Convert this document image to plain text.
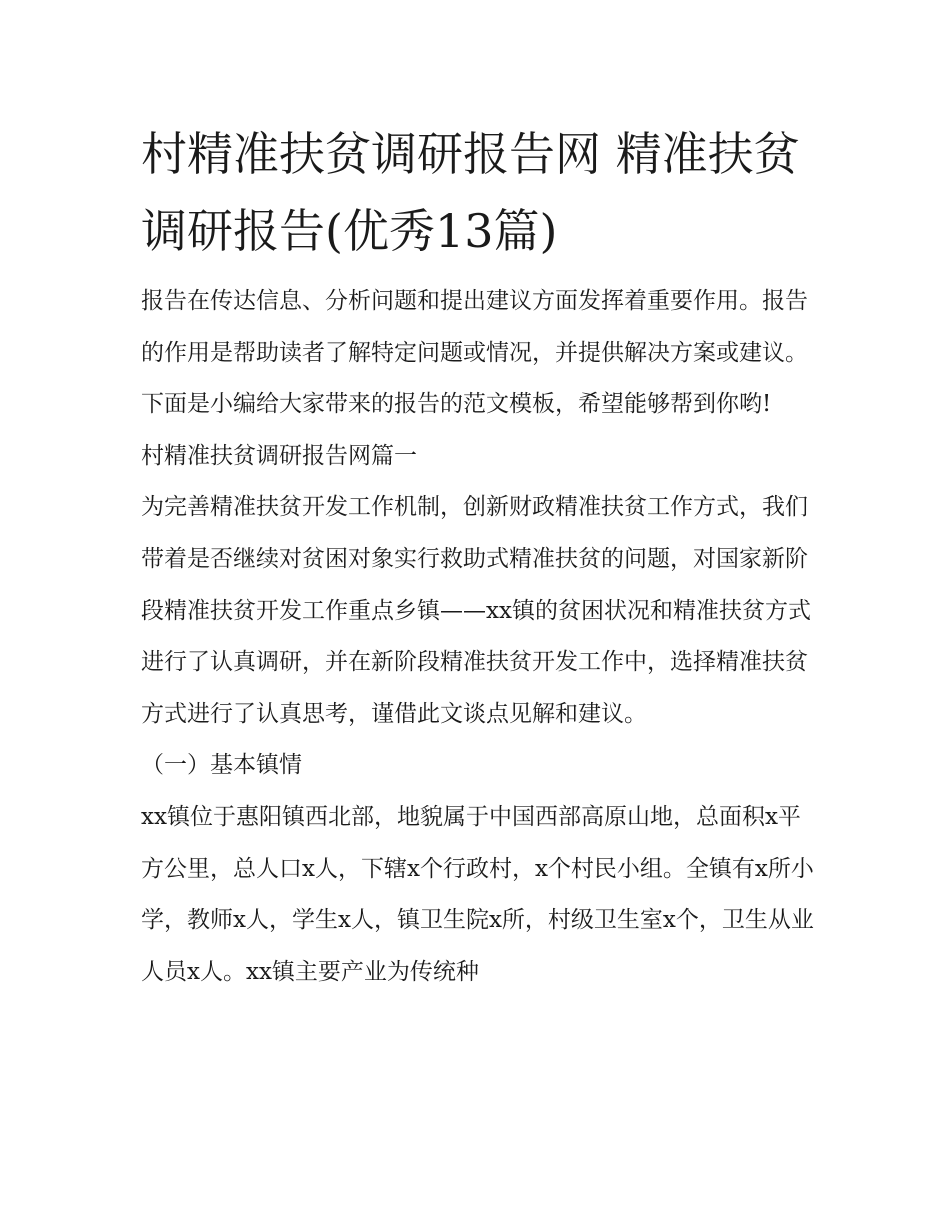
村精准扶贫调研报告网 精准扶贫调研报告(优秀13篇)

报告在传达信息、分析问题和提出建议方面发挥着重要作用。报告的作用是帮助读者了解特定问题或情况，并提供解决方案或建议。下面是小编给大家带来的报告的范文模板，希望能够帮到你哟!

村精准扶贫调研报告网篇一

为完善精准扶贫开发工作机制，创新财政精准扶贫工作方式，我们带着是否继续对贫困对象实行救助式精准扶贫的问题，对国家新阶段精准扶贫开发工作重点乡镇——xx镇的贫困状况和精准扶贫方式进行了认真调研，并在新阶段精准扶贫开发工作中，选择精准扶贫方式进行了认真思考，谨借此文谈点见解和建议。

（一）基本镇情

xx镇位于惠阳镇西北部，地貌属于中国西部高原山地，总面积x平方公里，总人口x人，下辖x个行政村，x个村民小组。全镇有x所小学，教师x人，学生x人，镇卫生院x所，村级卫生室x个，卫生从业人员x人。xx镇主要产业为传统种
